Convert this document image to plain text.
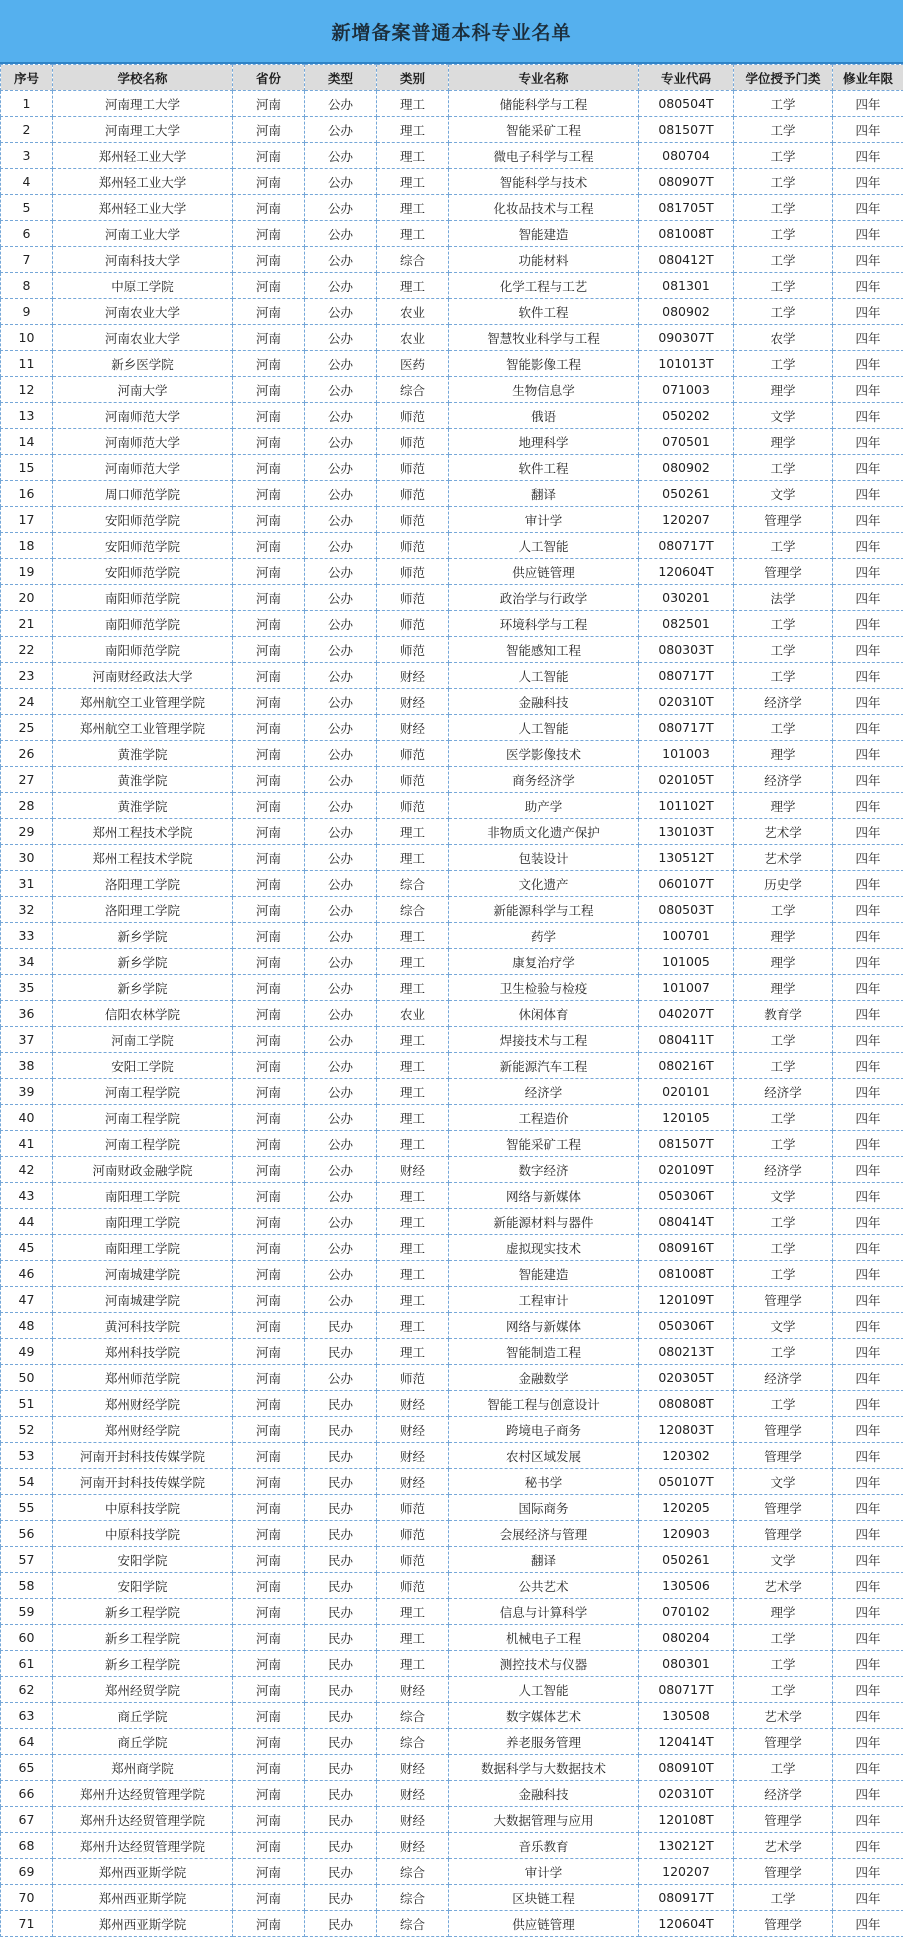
新增备案普通本科专业名单
序号	学校名称	省份	类型	类别	专业名称	专业代码	学位授予门类	修业年限
1	河南理工大学	河南	公办	理工	储能科学与工程	080504T	工学	四年
2	河南理工大学	河南	公办	理工	智能采矿工程	081507T	工学	四年
3	郑州轻工业大学	河南	公办	理工	微电子科学与工程	080704	工学	四年
4	郑州轻工业大学	河南	公办	理工	智能科学与技术	080907T	工学	四年
5	郑州轻工业大学	河南	公办	理工	化妆品技术与工程	081705T	工学	四年
6	河南工业大学	河南	公办	理工	智能建造	081008T	工学	四年
7	河南科技大学	河南	公办	综合	功能材料	080412T	工学	四年
8	中原工学院	河南	公办	理工	化学工程与工艺	081301	工学	四年
9	河南农业大学	河南	公办	农业	软件工程	080902	工学	四年
10	河南农业大学	河南	公办	农业	智慧牧业科学与工程	090307T	农学	四年
11	新乡医学院	河南	公办	医药	智能影像工程	101013T	工学	四年
12	河南大学	河南	公办	综合	生物信息学	071003	理学	四年
13	河南师范大学	河南	公办	师范	俄语	050202	文学	四年
14	河南师范大学	河南	公办	师范	地理科学	070501	理学	四年
15	河南师范大学	河南	公办	师范	软件工程	080902	工学	四年
16	周口师范学院	河南	公办	师范	翻译	050261	文学	四年
17	安阳师范学院	河南	公办	师范	审计学	120207	管理学	四年
18	安阳师范学院	河南	公办	师范	人工智能	080717T	工学	四年
19	安阳师范学院	河南	公办	师范	供应链管理	120604T	管理学	四年
20	南阳师范学院	河南	公办	师范	政治学与行政学	030201	法学	四年
21	南阳师范学院	河南	公办	师范	环境科学与工程	082501	工学	四年
22	南阳师范学院	河南	公办	师范	智能感知工程	080303T	工学	四年
23	河南财经政法大学	河南	公办	财经	人工智能	080717T	工学	四年
24	郑州航空工业管理学院	河南	公办	财经	金融科技	020310T	经济学	四年
25	郑州航空工业管理学院	河南	公办	财经	人工智能	080717T	工学	四年
26	黄淮学院	河南	公办	师范	医学影像技术	101003	理学	四年
27	黄淮学院	河南	公办	师范	商务经济学	020105T	经济学	四年
28	黄淮学院	河南	公办	师范	助产学	101102T	理学	四年
29	郑州工程技术学院	河南	公办	理工	非物质文化遗产保护	130103T	艺术学	四年
30	郑州工程技术学院	河南	公办	理工	包装设计	130512T	艺术学	四年
31	洛阳理工学院	河南	公办	综合	文化遗产	060107T	历史学	四年
32	洛阳理工学院	河南	公办	综合	新能源科学与工程	080503T	工学	四年
33	新乡学院	河南	公办	理工	药学	100701	理学	四年
34	新乡学院	河南	公办	理工	康复治疗学	101005	理学	四年
35	新乡学院	河南	公办	理工	卫生检验与检疫	101007	理学	四年
36	信阳农林学院	河南	公办	农业	休闲体育	040207T	教育学	四年
37	河南工学院	河南	公办	理工	焊接技术与工程	080411T	工学	四年
38	安阳工学院	河南	公办	理工	新能源汽车工程	080216T	工学	四年
39	河南工程学院	河南	公办	理工	经济学	020101	经济学	四年
40	河南工程学院	河南	公办	理工	工程造价	120105	工学	四年
41	河南工程学院	河南	公办	理工	智能采矿工程	081507T	工学	四年
42	河南财政金融学院	河南	公办	财经	数字经济	020109T	经济学	四年
43	南阳理工学院	河南	公办	理工	网络与新媒体	050306T	文学	四年
44	南阳理工学院	河南	公办	理工	新能源材料与器件	080414T	工学	四年
45	南阳理工学院	河南	公办	理工	虚拟现实技术	080916T	工学	四年
46	河南城建学院	河南	公办	理工	智能建造	081008T	工学	四年
47	河南城建学院	河南	公办	理工	工程审计	120109T	管理学	四年
48	黄河科技学院	河南	民办	理工	网络与新媒体	050306T	文学	四年
49	郑州科技学院	河南	民办	理工	智能制造工程	080213T	工学	四年
50	郑州师范学院	河南	公办	师范	金融数学	020305T	经济学	四年
51	郑州财经学院	河南	民办	财经	智能工程与创意设计	080808T	工学	四年
52	郑州财经学院	河南	民办	财经	跨境电子商务	120803T	管理学	四年
53	河南开封科技传媒学院	河南	民办	财经	农村区域发展	120302	管理学	四年
54	河南开封科技传媒学院	河南	民办	财经	秘书学	050107T	文学	四年
55	中原科技学院	河南	民办	师范	国际商务	120205	管理学	四年
56	中原科技学院	河南	民办	师范	会展经济与管理	120903	管理学	四年
57	安阳学院	河南	民办	师范	翻译	050261	文学	四年
58	安阳学院	河南	民办	师范	公共艺术	130506	艺术学	四年
59	新乡工程学院	河南	民办	理工	信息与计算科学	070102	理学	四年
60	新乡工程学院	河南	民办	理工	机械电子工程	080204	工学	四年
61	新乡工程学院	河南	民办	理工	测控技术与仪器	080301	工学	四年
62	郑州经贸学院	河南	民办	财经	人工智能	080717T	工学	四年
63	商丘学院	河南	民办	综合	数字媒体艺术	130508	艺术学	四年
64	商丘学院	河南	民办	综合	养老服务管理	120414T	管理学	四年
65	郑州商学院	河南	民办	财经	数据科学与大数据技术	080910T	工学	四年
66	郑州升达经贸管理学院	河南	民办	财经	金融科技	020310T	经济学	四年
67	郑州升达经贸管理学院	河南	民办	财经	大数据管理与应用	120108T	管理学	四年
68	郑州升达经贸管理学院	河南	民办	财经	音乐教育	130212T	艺术学	四年
69	郑州西亚斯学院	河南	民办	综合	审计学	120207	管理学	四年
70	郑州西亚斯学院	河南	民办	综合	区块链工程	080917T	工学	四年
71	郑州西亚斯学院	河南	民办	综合	供应链管理	120604T	管理学	四年
